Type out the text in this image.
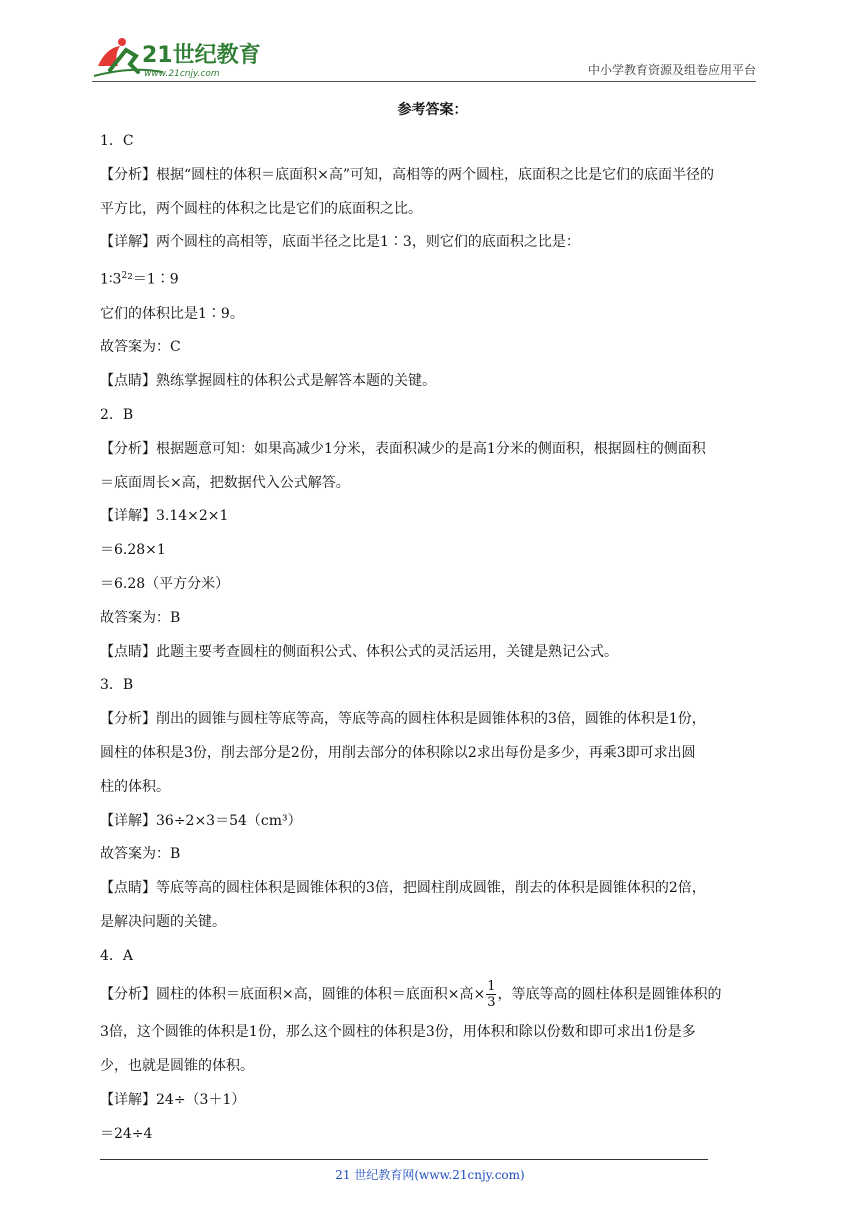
21世纪教育
www.21cnjy.com	中小学教育资源及组卷应用平台
参考答案：
1．C
【分析】根据“圆柱的体积＝底面积×高”可知，高相等的两个圆柱，底面积之比是它们的底面半径的
平方比，两个圆柱的体积之比是它们的底面积之比。
【详解】两个圆柱的高相等，底面半径之比是1∶3，则它们的底面积之比是：
$1∶3^2^2=1∶9$
它们的体积比是1∶9。
故答案为：C
【点睛】熟练掌握圆柱的体积公式是解答本题的关键。
2．B
【分析】根据题意可知：如果高减少1分米，表面积减少的是高1分米的侧面积，根据圆柱的侧面积
＝底面周长×高，把数据代入公式解答。
【详解】3.14×2×1
＝6.28×1
＝6.28（平方分米）
故答案为：B
【点睛】此题主要考查圆柱的侧面积公式、体积公式的灵活运用，关键是熟记公式。
3．B
【分析】削出的圆锥与圆柱等底等高，等底等高的圆柱体积是圆锥体积的3倍，圆锥的体积是1份，
圆柱的体积是3份，削去部分是2份，用削去部分的体积除以2求出每份是多少，再乘3即可求出圆
柱的体积。
【详解】36÷2×3＝54（cm³）
故答案为：B
【点睛】等底等高的圆柱体积是圆锥体积的3倍，把圆柱削成圆锥，削去的体积是圆锥体积的2倍，
是解决问题的关键。
4．A
【分析】圆柱的体积＝底面积×高，圆锥的体积＝底面积×高× $\frac{1}{3}$ ，等底等高的圆柱体积是圆锥体积的
3倍，这个圆锥的体积是1份，那么这个圆柱的体积是3份，用体积和除以份数和即可求出1份是多
少，也就是圆锥的体积。
【详解】24÷（3＋1）
＝24÷4
21 世纪教育网(www.21cnjy.com)
